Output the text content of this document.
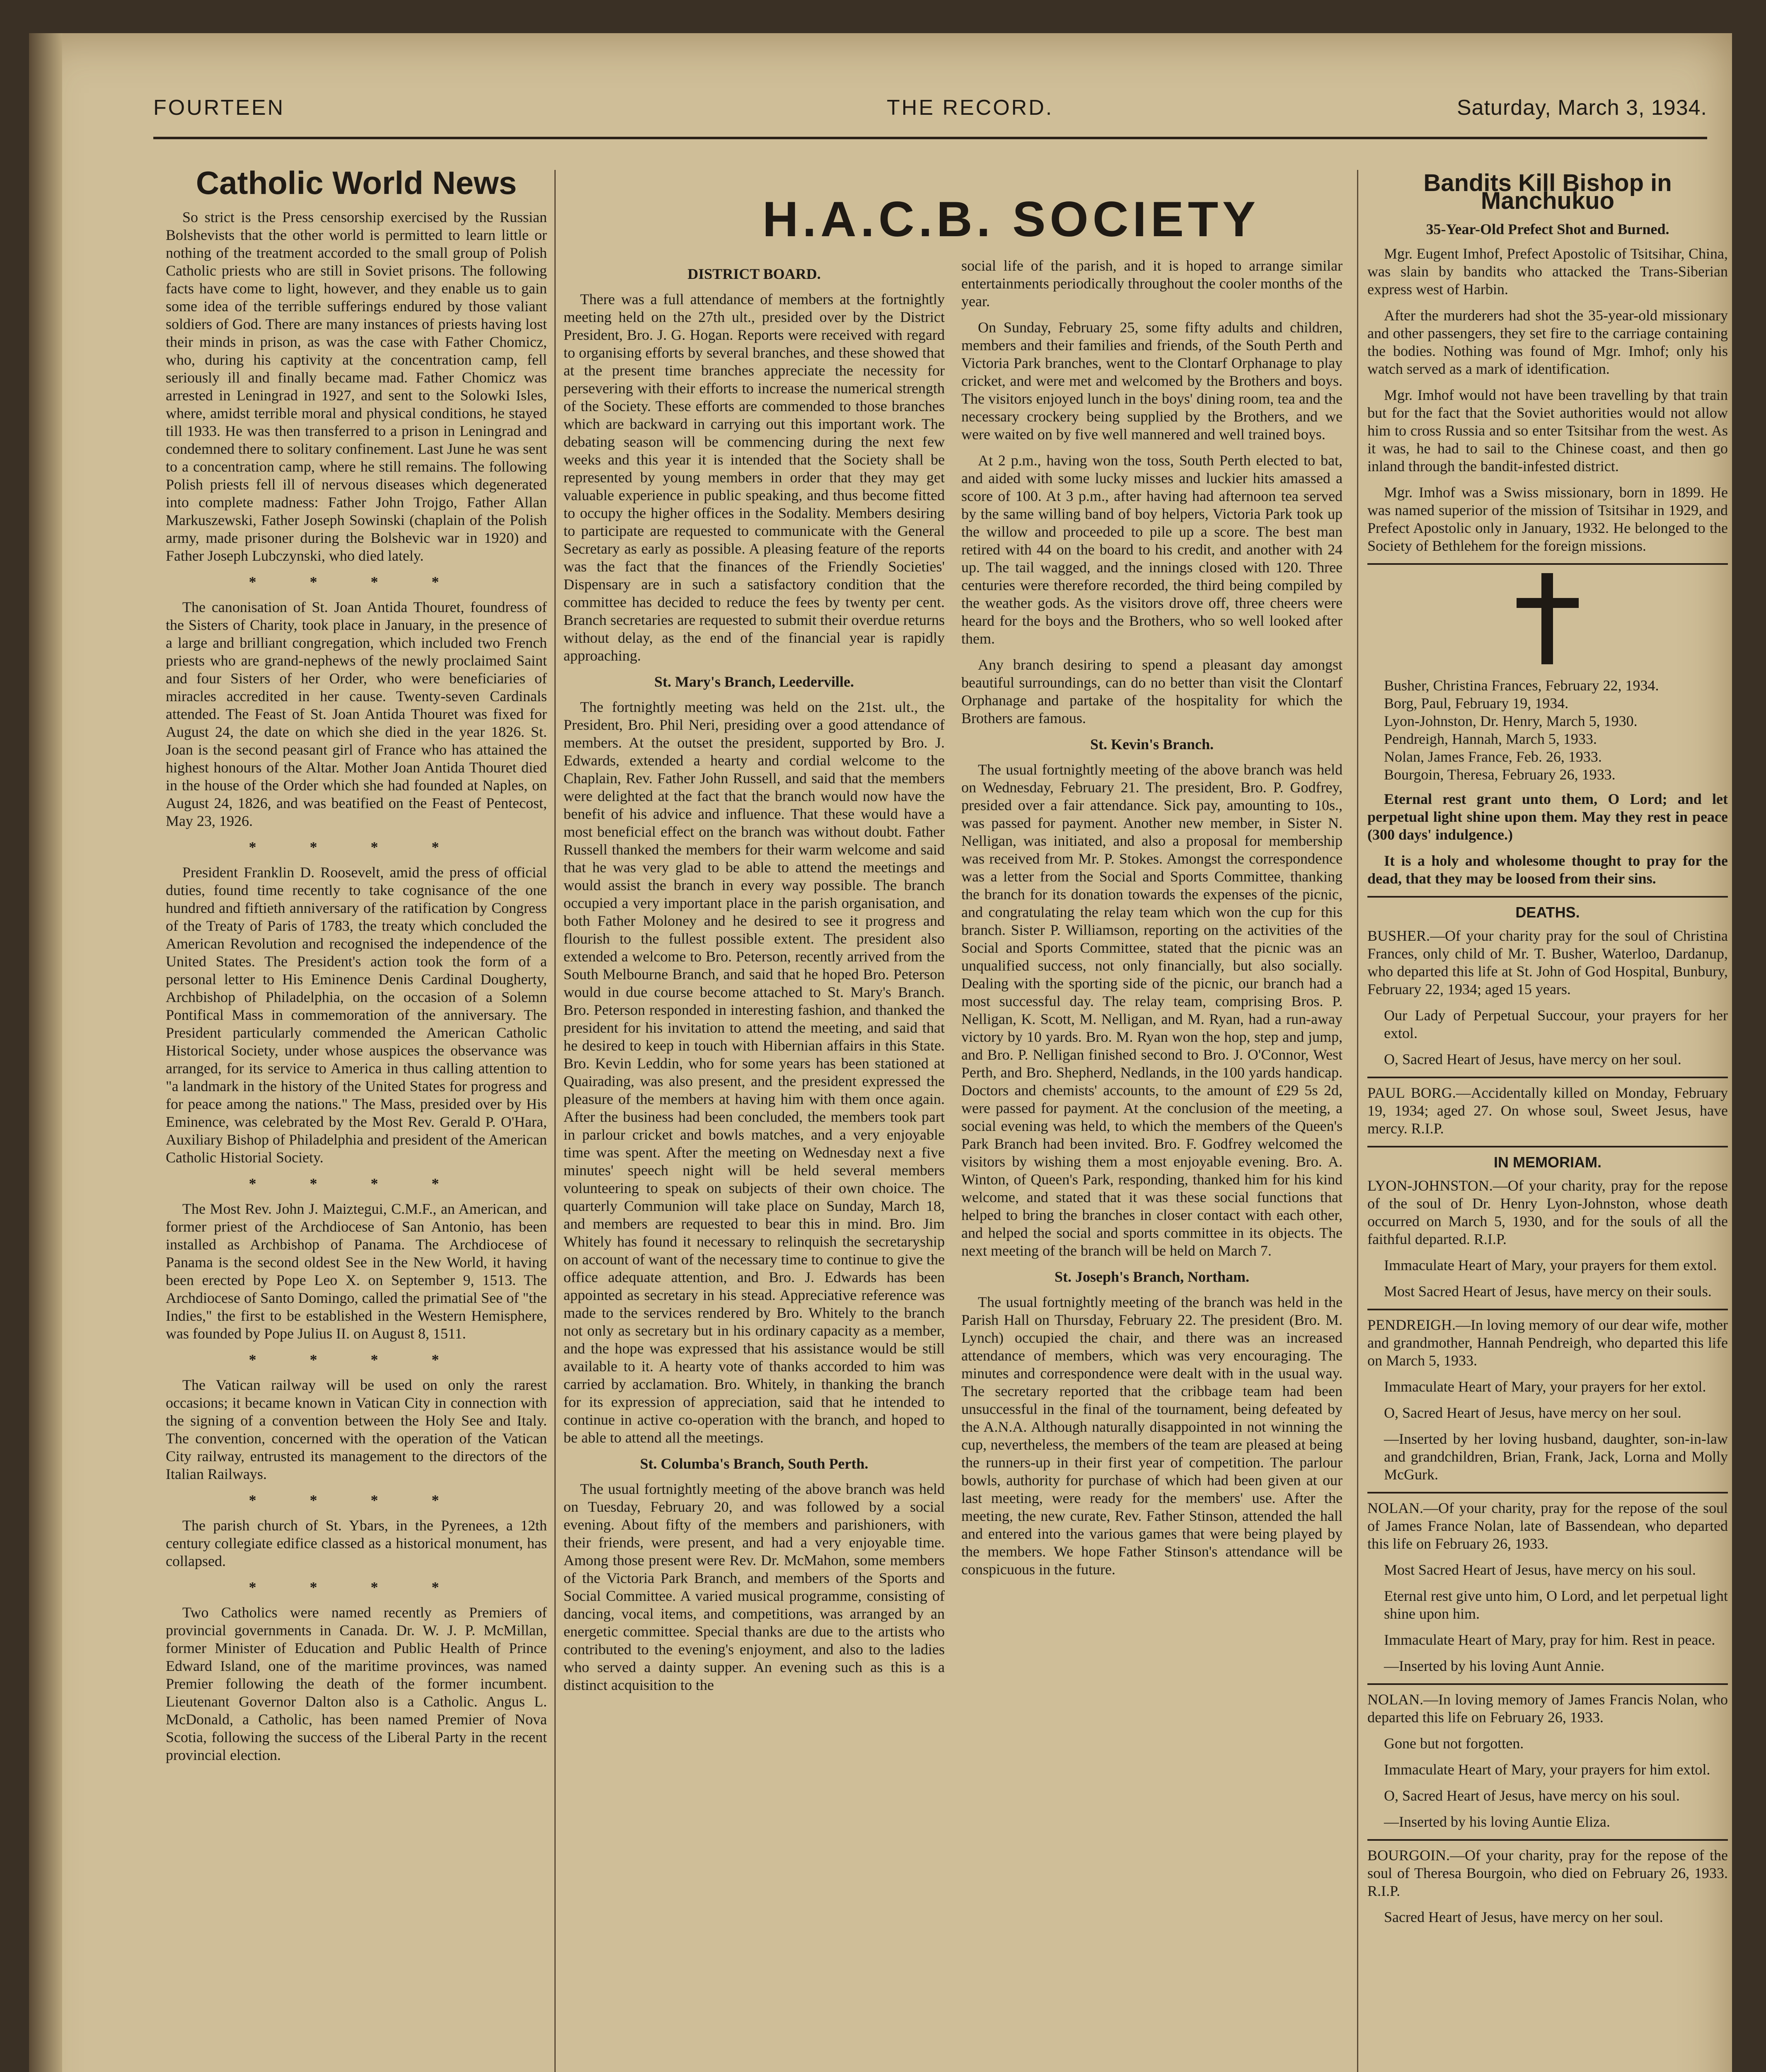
FOURTEEN	THE RECORD.	Saturday, March 3, 1934.
Catholic World News

So strict is the Press censorship exercised by the Russian Bolshevists that the other world is permitted to learn little or nothing of the treatment accorded to the small group of Polish Catholic priests who are still in Soviet prisons. The following facts have come to light, however, and they enable us to gain some idea of the terrible sufferings endured by those valiant soldiers of God. There are many instances of priests having lost their minds in prison, as was the case with Father Chomicz, who, during his captivity at the concentration camp, fell seriously ill and finally became mad. Father Chomicz was arrested in Leningrad in 1927, and sent to the Solowki Isles, where, amidst terrible moral and physical conditions, he stayed till 1933. He was then transferred to a prison in Leningrad and condemned there to solitary confinement. Last June he was sent to a concentration camp, where he still remains. The following Polish priests fell ill of nervous diseases which degenerated into complete madness: Father John Trojgo, Father Allan Markuszewski, Father Joseph Sowinski (chaplain of the Polish army, made prisoner during the Bolshevic war in 1920) and Father Joseph Lubczynski, who died lately.

* * * *

The canonisation of St. Joan Antida Thouret, foundress of the Sisters of Charity, took place in January, in the presence of a large and brilliant congregation, which included two French priests who are grand-nephews of the newly proclaimed Saint and four Sisters of her Order, who were beneficiaries of miracles accredited in her cause. Twenty-seven Cardinals attended. The Feast of St. Joan Antida Thouret was fixed for August 24, the date on which she died in the year 1826. St. Joan is the second peasant girl of France who has attained the highest honours of the Altar. Mother Joan Antida Thouret died in the house of the Order which she had founded at Naples, on August 24, 1826, and was beatified on the Feast of Pentecost, May 23, 1926.

* * * *

President Franklin D. Roosevelt, amid the press of official duties, found time recently to take cognisance of the one hundred and fiftieth anniversary of the ratification by Congress of the Treaty of Paris of 1783, the treaty which concluded the American Revolution and recognised the independence of the United States. The President's action took the form of a personal letter to His Eminence Denis Cardinal Dougherty, Archbishop of Philadelphia, on the occasion of a Solemn Pontifical Mass in commemoration of the anniversary. The President particularly commended the American Catholic Historical Society, under whose auspices the observance was arranged, for its service to America in thus calling attention to "a landmark in the history of the United States for progress and for peace among the nations." The Mass, presided over by His Eminence, was celebrated by the Most Rev. Gerald P. O'Hara, Auxiliary Bishop of Philadelphia and president of the American Catholic Historial Society.

* * * *

The Most Rev. John J. Maiztegui, C.M.F., an American, and former priest of the Archdiocese of San Antonio, has been installed as Archbishop of Panama. The Archdiocese of Panama is the second oldest See in the New World, it having been erected by Pope Leo X. on September 9, 1513. The Archdiocese of Santo Domingo, called the primatial See of "the Indies," the first to be established in the Western Hemisphere, was founded by Pope Julius II. on August 8, 1511.

* * * *

The Vatican railway will be used on only the rarest occasions; it became known in Vatican City in connection with the signing of a convention between the Holy See and Italy. The convention, concerned with the operation of the Vatican City railway, entrusted its management to the directors of the Italian Railways.

* * * *

The parish church of St. Ybars, in the Pyrenees, a 12th century collegiate edifice classed as a historical monument, has collapsed.

* * * *

Two Catholics were named recently as Premiers of provincial governments in Canada. Dr. W. J. P. McMillan, former Minister of Education and Public Health of Prince Edward Island, one of the maritime provinces, was named Premier following the death of the former incumbent. Lieutenant Governor Dalton also is a Catholic. Angus L. McDonald, a Catholic, has been named Premier of Nova Scotia, following the success of the Liberal Party in the recent provincial election.

H.A.C.B. SOCIETY
DISTRICT BOARD.

There was a full attendance of members at the fortnightly meeting held on the 27th ult., presided over by the District President, Bro. J. G. Hogan. Reports were received with regard to organising efforts by several branches, and these showed that at the present time branches appreciate the necessity for persevering with their efforts to increase the numerical strength of the Society. These efforts are commended to those branches which are backward in carrying out this important work. The debating season will be commencing during the next few weeks and this year it is intended that the Society shall be represented by young members in order that they may get valuable experience in public speaking, and thus become fitted to occupy the higher offices in the Sodality. Members desiring to participate are requested to communicate with the General Secretary as early as possible. A pleasing feature of the reports was the fact that the finances of the Friendly Societies' Dispensary are in such a satisfactory condition that the committee has decided to reduce the fees by twenty per cent. Branch secretaries are requested to submit their overdue returns without delay, as the end of the financial year is rapidly approaching.

St. Mary's Branch, Leederville.

The fortnightly meeting was held on the 21st. ult., the President, Bro. Phil Neri, presiding over a good attendance of members. At the outset the president, supported by Bro. J. Edwards, extended a hearty and cordial welcome to the Chaplain, Rev. Father John Russell, and said that the members were delighted at the fact that the branch would now have the benefit of his advice and influence. That these would have a most beneficial effect on the branch was without doubt. Father Russell thanked the members for their warm welcome and said that he was very glad to be able to attend the meetings and would assist the branch in every way possible. The branch occupied a very important place in the parish organisation, and both Father Moloney and he desired to see it progress and flourish to the fullest possible extent. The president also extended a welcome to Bro. Peterson, recently arrived from the South Melbourne Branch, and said that he hoped Bro. Peterson would in due course become attached to St. Mary's Branch. Bro. Peterson responded in interesting fashion, and thanked the president for his invitation to attend the meeting, and said that he desired to keep in touch with Hibernian affairs in this State. Bro. Kevin Leddin, who for some years has been stationed at Quairading, was also present, and the president expressed the pleasure of the members at having him with them once again. After the business had been concluded, the members took part in parlour cricket and bowls matches, and a very enjoyable time was spent. After the meeting on Wednesday next a five minutes' speech night will be held several members volunteering to speak on subjects of their own choice. The quarterly Communion will take place on Sunday, March 18, and members are requested to bear this in mind. Bro. Jim Whitely has found it necessary to relinquish the secretaryship on account of want of the necessary time to continue to give the office adequate attention, and Bro. J. Edwards has been appointed as secretary in his stead. Appreciative reference was made to the services rendered by Bro. Whitely to the branch not only as secretary but in his ordinary capacity as a member, and the hope was expressed that his assistance would be still available to it. A hearty vote of thanks accorded to him was carried by acclamation. Bro. Whitely, in thanking the branch for its expression of appreciation, said that he intended to continue in active co-operation with the branch, and hoped to be able to attend all the meetings.

St. Columba's Branch, South Perth.

The usual fortnightly meeting of the above branch was held on Tuesday, February 20, and was followed by a social evening. About fifty of the members and parishioners, with their friends, were present, and had a very enjoyable time. Among those present were Rev. Dr. McMahon, some members of the Victoria Park Branch, and members of the Sports and Social Committee. A varied musical programme, consisting of dancing, vocal items, and competitions, was arranged by an energetic committee. Special thanks are due to the artists who contributed to the evening's enjoyment, and also to the ladies who served a dainty supper. An evening such as this is a distinct acquisition to the

social life of the parish, and it is hoped to arrange similar entertainments periodically throughout the cooler months of the year.

On Sunday, February 25, some fifty adults and children, members and their families and friends, of the South Perth and Victoria Park branches, went to the Clontarf Orphanage to play cricket, and were met and welcomed by the Brothers and boys. The visitors enjoyed lunch in the boys' dining room, tea and the necessary crockery being supplied by the Brothers, and we were waited on by five well mannered and well trained boys.

At 2 p.m., having won the toss, South Perth elected to bat, and aided with some lucky misses and luckier hits amassed a score of 100. At 3 p.m., after having had afternoon tea served by the same willing band of boy helpers, Victoria Park took up the willow and proceeded to pile up a score. The best man retired with 44 on the board to his credit, and another with 24 up. The tail wagged, and the innings closed with 120. Three centuries were therefore recorded, the third being compiled by the weather gods. As the visitors drove off, three cheers were heard for the boys and the Brothers, who so well looked after them.

Any branch desiring to spend a pleasant day amongst beautiful surroundings, can do no better than visit the Clontarf Orphanage and partake of the hospitality for which the Brothers are famous.

St. Kevin's Branch.

The usual fortnightly meeting of the above branch was held on Wednesday, February 21. The president, Bro. P. Godfrey, presided over a fair attendance. Sick pay, amounting to 10s., was passed for payment. Another new member, in Sister N. Nelligan, was initiated, and also a proposal for membership was received from Mr. P. Stokes. Amongst the correspondence was a letter from the Social and Sports Committee, thanking the branch for its donation towards the expenses of the picnic, and congratulating the relay team which won the cup for this branch. Sister P. Williamson, reporting on the activities of the Social and Sports Committee, stated that the picnic was an unqualified success, not only financially, but also socially. Dealing with the sporting side of the picnic, our branch had a most successful day. The relay team, comprising Bros. P. Nelligan, K. Scott, M. Nelligan, and M. Ryan, had a run-away victory by 10 yards. Bro. M. Ryan won the hop, step and jump, and Bro. P. Nelligan finished second to Bro. J. O'Connor, West Perth, and Bro. Shepherd, Nedlands, in the 100 yards handicap. Doctors and chemists' accounts, to the amount of £29 5s 2d, were passed for payment. At the conclusion of the meeting, a social evening was held, to which the members of the Queen's Park Branch had been invited. Bro. F. Godfrey welcomed the visitors by wishing them a most enjoyable evening. Bro. A. Winton, of Queen's Park, responding, thanked him for his kind welcome, and stated that it was these social functions that helped to bring the branches in closer contact with each other, and helped the social and sports committee in its objects. The next meeting of the branch will be held on March 7.

St. Joseph's Branch, Northam.

The usual fortnightly meeting of the branch was held in the Parish Hall on Thursday, February 22. The president (Bro. M. Lynch) occupied the chair, and there was an increased attendance of members, which was very encouraging. The minutes and correspondence were dealt with in the usual way. The secretary reported that the cribbage team had been unsuccessful in the final of the tournament, being defeated by the A.N.A. Although naturally disappointed in not winning the cup, nevertheless, the members of the team are pleased at being the runners-up in their first year of competition. The parlour bowls, authority for purchase of which had been given at our last meeting, were ready for the members' use. After the meeting, the new curate, Rev. Father Stinson, attended the hall and entered into the various games that were being played by the members. We hope Father Stinson's attendance will be conspicuous in the future.

Bandits Kill Bishop in Manchukuo
35-Year-Old Prefect Shot and Burned.

Mgr. Eugent Imhof, Prefect Apostolic of Tsitsihar, China, was slain by bandits who attacked the Trans-Siberian express west of Harbin.

After the murderers had shot the 35-year-old missionary and other passengers, they set fire to the carriage containing the bodies. Nothing was found of Mgr. Imhof; only his watch served as a mark of identification.

Mgr. Imhof would not have been travelling by that train but for the fact that the Soviet authorities would not allow him to cross Russia and so enter Tsitsihar from the west. As it was, he had to sail to the Chinese coast, and then go inland through the bandit-infested district.

Mgr. Imhof was a Swiss missionary, born in 1899. He was named superior of the mission of Tsitsihar in 1929, and Prefect Apostolic only in January, 1932. He belonged to the Society of Bethlehem for the foreign missions.

Busher, Christina Frances, February 22, 1934.
Borg, Paul, February 19, 1934.
Lyon-Johnston, Dr. Henry, March 5, 1930.
Pendreigh, Hannah, March 5, 1933.
Nolan, James France, Feb. 26, 1933.
Bourgoin, Theresa, February 26, 1933.

Eternal rest grant unto them, O Lord; and let perpetual light shine upon them. May they rest in peace (300 days' indulgence.)

It is a holy and wholesome thought to pray for the dead, that they may be loosed from their sins.

DEATHS.

BUSHER.—Of your charity pray for the soul of Christina Frances, only child of Mr. T. Busher, Waterloo, Dardanup, who departed this life at St. John of God Hospital, Bunbury, February 22, 1934; aged 15 years.

Our Lady of Perpetual Succour, your prayers for her extol.

O, Sacred Heart of Jesus, have mercy on her soul.

PAUL BORG.—Accidentally killed on Monday, February 19, 1934; aged 27. On whose soul, Sweet Jesus, have mercy. R.I.P.

IN MEMORIAM.

LYON-JOHNSTON.—Of your charity, pray for the repose of the soul of Dr. Henry Lyon-Johnston, whose death occurred on March 5, 1930, and for the souls of all the faithful departed. R.I.P.

Immaculate Heart of Mary, your prayers for them extol.

Most Sacred Heart of Jesus, have mercy on their souls.

PENDREIGH.—In loving memory of our dear wife, mother and grandmother, Hannah Pendreigh, who departed this life on March 5, 1933.

Immaculate Heart of Mary, your prayers for her extol.

O, Sacred Heart of Jesus, have mercy on her soul.

—Inserted by her loving husband, daughter, son-in-law and grandchildren, Brian, Frank, Jack, Lorna and Molly McGurk.

NOLAN.—Of your charity, pray for the repose of the soul of James France Nolan, late of Bassendean, who departed this life on February 26, 1933.

Most Sacred Heart of Jesus, have mercy on his soul.

Eternal rest give unto him, O Lord, and let perpetual light shine upon him.

Immaculate Heart of Mary, pray for him. Rest in peace.

—Inserted by his loving Aunt Annie.

NOLAN.—In loving memory of James Francis Nolan, who departed this life on February 26, 1933.

Gone but not forgotten.

Immaculate Heart of Mary, your prayers for him extol.

O, Sacred Heart of Jesus, have mercy on his soul.

—Inserted by his loving Auntie Eliza.

BOURGOIN.—Of your charity, pray for the repose of the soul of Theresa Bourgoin, who died on February 26, 1933. R.I.P.

Sacred Heart of Jesus, have mercy on her soul.
